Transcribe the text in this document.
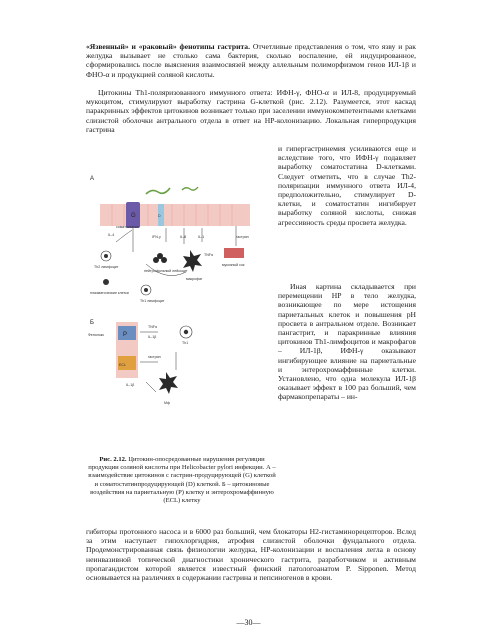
«Язвенный» и «раковый» фенотипы гастрита. Отчетливые представления о том, что язву и рак желудка вызывает не столько сама бактерия, сколько воспаление, ей индуцированное, сформировались после выяснения взаимосвязей между аллельным полиморфизмом генов ИЛ-1β и ФНО-α и продукцией соляной кислоты.

Цитокины Th1-поляризованного иммунного ответа: ИФН-γ, ФНО-α и ИЛ-8, продуцируемый мукоцитом, стимулируют выработку гастрина G-клеткой (рис. 2.12). Разумеется, этот каскад паракринных эффектов цитокинов возникает только при заселении иммунокомпетентными клетками слизистой оболочки антрального отдела в ответ на HP-колонизацию. Локальная гиперпродукция гастрина

и гипергастринемия усиливаются еще и вследствие того, что ИФН-γ подавляет выработку соматостатина D-клетками. Следует отметить, что в случае Th2-поляризации иммунного ответа ИЛ-4, предположительно, стимулирует D-клетки, и соматостатин ингибирует выработку соляной кислоты, снижая агрессивность среды просвета желудка.

Иная картина складывается при перемещении HP в тело желудка, возникающее по мере истощения париетальных клеток и повышения pH просвета в антральном отделе. Возникает пангастрит, и паракринные влияния цитокинов Th1-лимфоцитов и макрофагов – ИЛ-1β, ИФН-γ оказывают ингибирующее влияние на париетальные и энтерохромаффинные клетки. Установлено, что одна молекула ИЛ-1β оказывает эффект в 100 раз больший, чем фармакопрепараты – ин-

A
G	D
IL-4	IFN-γ	IL-8	IL-1	гастрин
Th2 лимфоцит
нейтрофильный лейкоцит
макрофаг
TNFα
мукозный сок
Th1 лимфоцит
плазматические клетки
соматостатин
Б
P
ECL
Фенолокс
TNFα
IL-1β
гастрин
Th1
IL-1β
Мф
Рис. 2.12. Цитокин-опосредованные нарушения регуляции продукции соляной кислоты при Helicobacter pylori инфекции. А – взаимодействие цитокинов с гастрин-продуцирующей (G) клеткой и соматостатинпродуцирующей (D) клеткой. Б – цитокиновые воздействия на париетальную (P) клетку и энтерохромаффинную (ECL) клетку

гибиторы протонного насоса и в 6000 раз больший, чем блокаторы H2-гистаминорецепторов. Вслед за этим наступает гипохлоргидрия, атрофия слизистой оболочки фундального отдела. Продемонстрированная связь физиологии желудка, HP-колонизации и воспаления легла в основу неинвазивной топической диагностики хронического гастрита, разработчиком и активным пропагандистом которой является известный финский патологоанатом P. Sipponen. Метод основывается на различиях в содержании гастрина и пепсиногенов в крови.

—30—
